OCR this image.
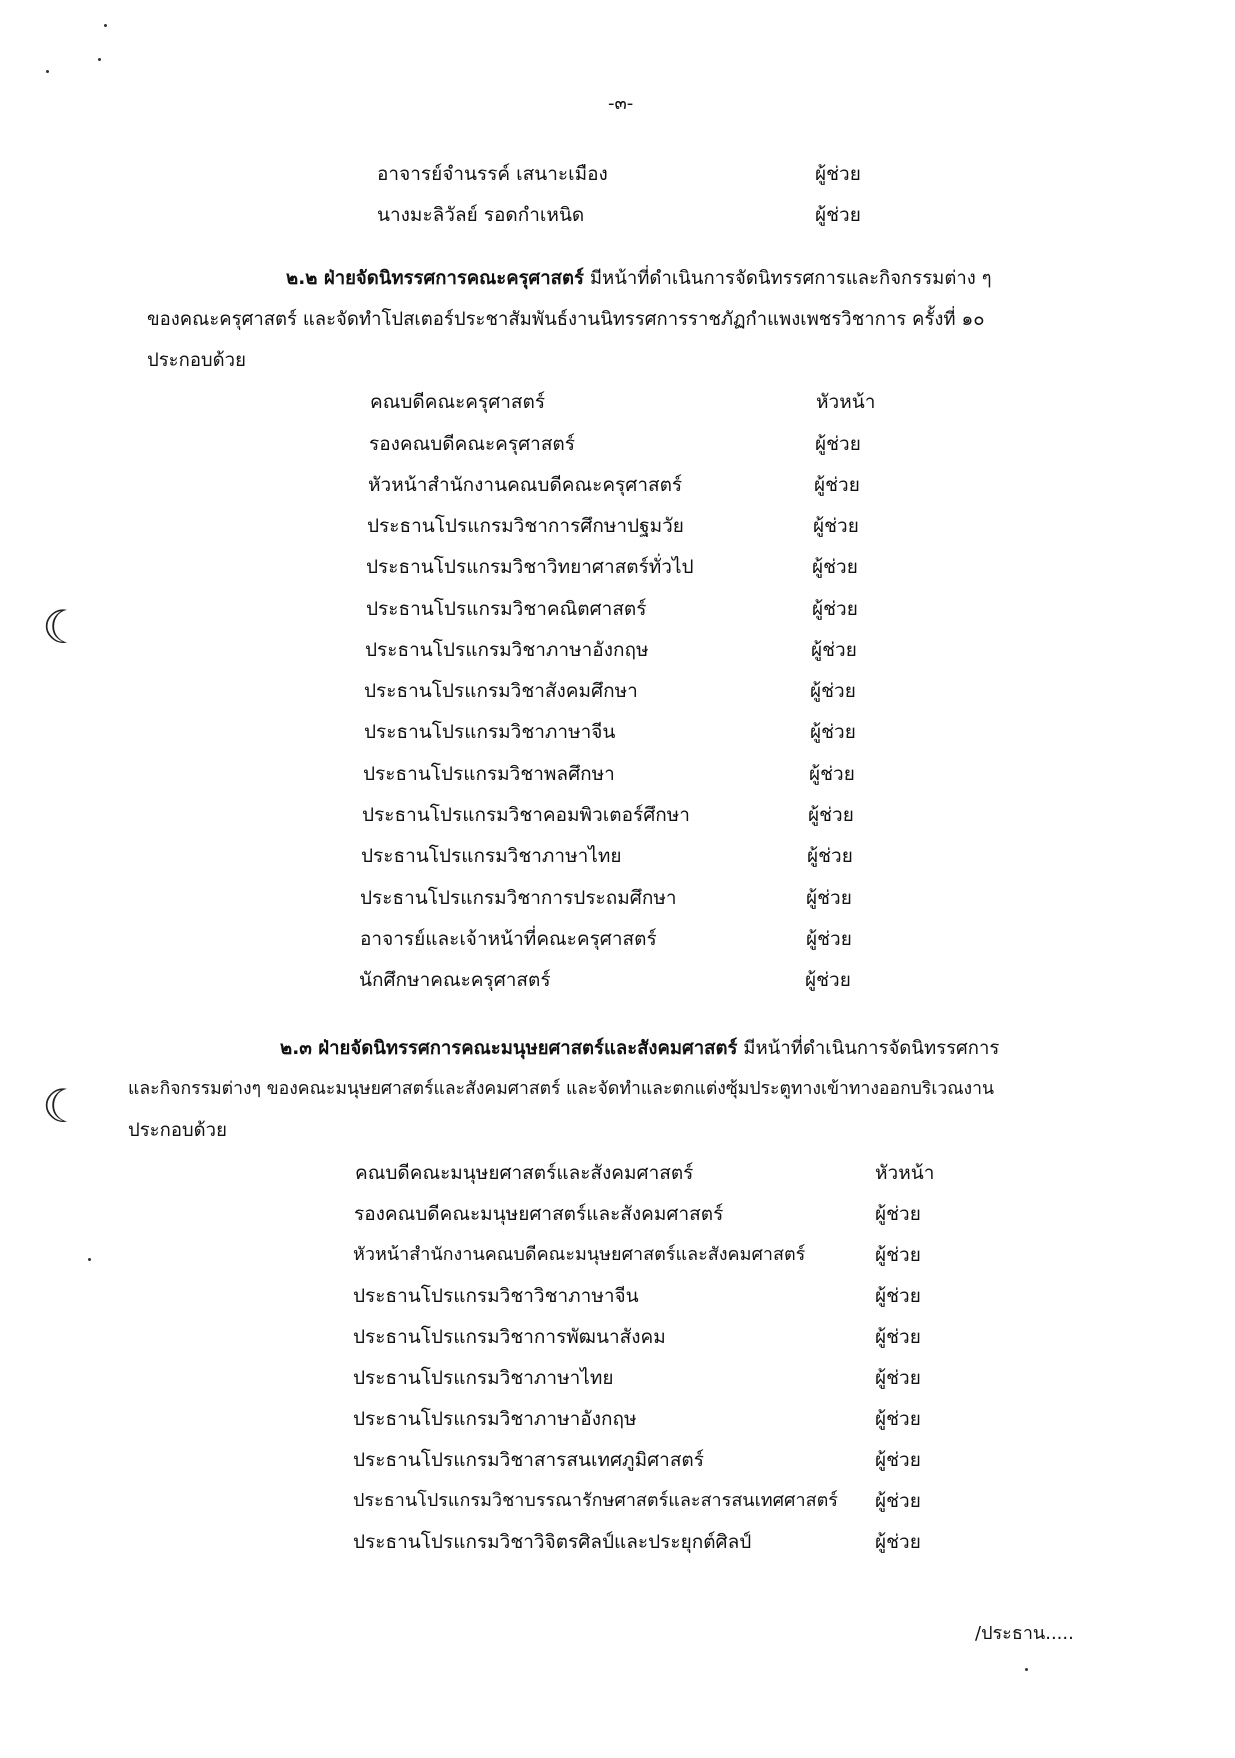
-๓-
☾
☾
อาจารย์จำนรรค์ เสนาะเมือง	ผู้ช่วย
นางมะลิวัลย์ รอดกำเหนิด	ผู้ช่วย
๒.๒ ฝ่ายจัดนิทรรศการคณะครุศาสตร์ มีหน้าที่ดำเนินการจัดนิทรรศการและกิจกรรมต่าง ๆ
ของคณะครุศาสตร์ และจัดทำโปสเตอร์ประชาสัมพันธ์งานนิทรรศการราชภัฏกำแพงเพชรวิชาการ ครั้งที่ ๑๐
ประกอบด้วย
คณบดีคณะครุศาสตร์	หัวหน้า
รองคณบดีคณะครุศาสตร์	ผู้ช่วย
หัวหน้าสำนักงานคณบดีคณะครุศาสตร์	ผู้ช่วย
ประธานโปรแกรมวิชาการศึกษาปฐมวัย	ผู้ช่วย
ประธานโปรแกรมวิชาวิทยาศาสตร์ทั่วไป	ผู้ช่วย
ประธานโปรแกรมวิชาคณิตศาสตร์	ผู้ช่วย
ประธานโปรแกรมวิชาภาษาอังกฤษ	ผู้ช่วย
ประธานโปรแกรมวิชาสังคมศึกษา	ผู้ช่วย
ประธานโปรแกรมวิชาภาษาจีน	ผู้ช่วย
ประธานโปรแกรมวิชาพลศึกษา	ผู้ช่วย
ประธานโปรแกรมวิชาคอมพิวเตอร์ศึกษา	ผู้ช่วย
ประธานโปรแกรมวิชาภาษาไทย	ผู้ช่วย
ประธานโปรแกรมวิชาการประถมศึกษา	ผู้ช่วย
อาจารย์และเจ้าหน้าที่คณะครุศาสตร์	ผู้ช่วย
นักศึกษาคณะครุศาสตร์	ผู้ช่วย
๒.๓ ฝ่ายจัดนิทรรศการคณะมนุษยศาสตร์และสังคมศาสตร์ มีหน้าที่ดำเนินการจัดนิทรรศการ
และกิจกรรมต่างๆ ของคณะมนุษยศาสตร์และสังคมศาสตร์ และจัดทำและตกแต่งซุ้มประตูทางเข้าทางออกบริเวณงาน
ประกอบด้วย
คณบดีคณะมนุษยศาสตร์และสังคมศาสตร์	หัวหน้า
รองคณบดีคณะมนุษยศาสตร์และสังคมศาสตร์	ผู้ช่วย
หัวหน้าสำนักงานคณบดีคณะมนุษยศาสตร์และสังคมศาสตร์	ผู้ช่วย
ประธานโปรแกรมวิชาวิชาภาษาจีน	ผู้ช่วย
ประธานโปรแกรมวิชาการพัฒนาสังคม	ผู้ช่วย
ประธานโปรแกรมวิชาภาษาไทย	ผู้ช่วย
ประธานโปรแกรมวิชาภาษาอังกฤษ	ผู้ช่วย
ประธานโปรแกรมวิชาสารสนเทศภูมิศาสตร์	ผู้ช่วย
ประธานโปรแกรมวิชาบรรณารักษศาสตร์และสารสนเทศศาสตร์ ผู้ช่วย
ประธานโปรแกรมวิชาวิจิตรศิลป์และประยุกต์ศิลป์	ผู้ช่วย
/ประธาน.....
